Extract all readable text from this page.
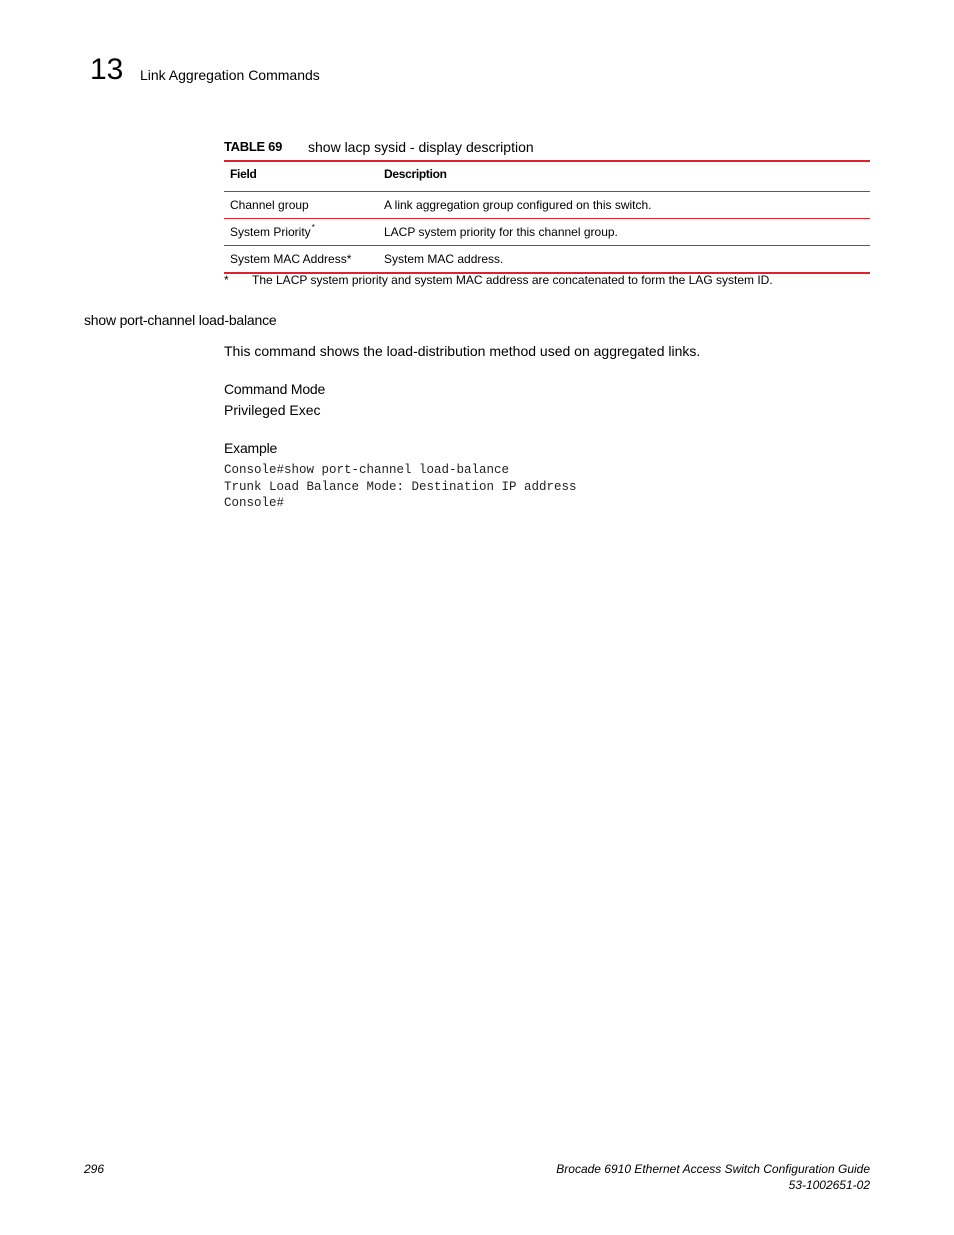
13 Link Aggregation Commands
TABLE 69 show lacp sysid - display description
Field	Description
Channel group	A link aggregation group configured on this switch.
System Priority*	LACP system priority for this channel group.
System MAC Address*	System MAC address.
* The LACP system priority and system MAC address are concatenated to form the LAG system ID.
show port-channel load-balance
This command shows the load-distribution method used on aggregated links.
Command Mode
Privileged Exec
Example
Console#show port-channel load-balance
Trunk Load Balance Mode: Destination IP address
Console#
296	Brocade 6910 Ethernet Access Switch Configuration Guide
53-1002651-02
